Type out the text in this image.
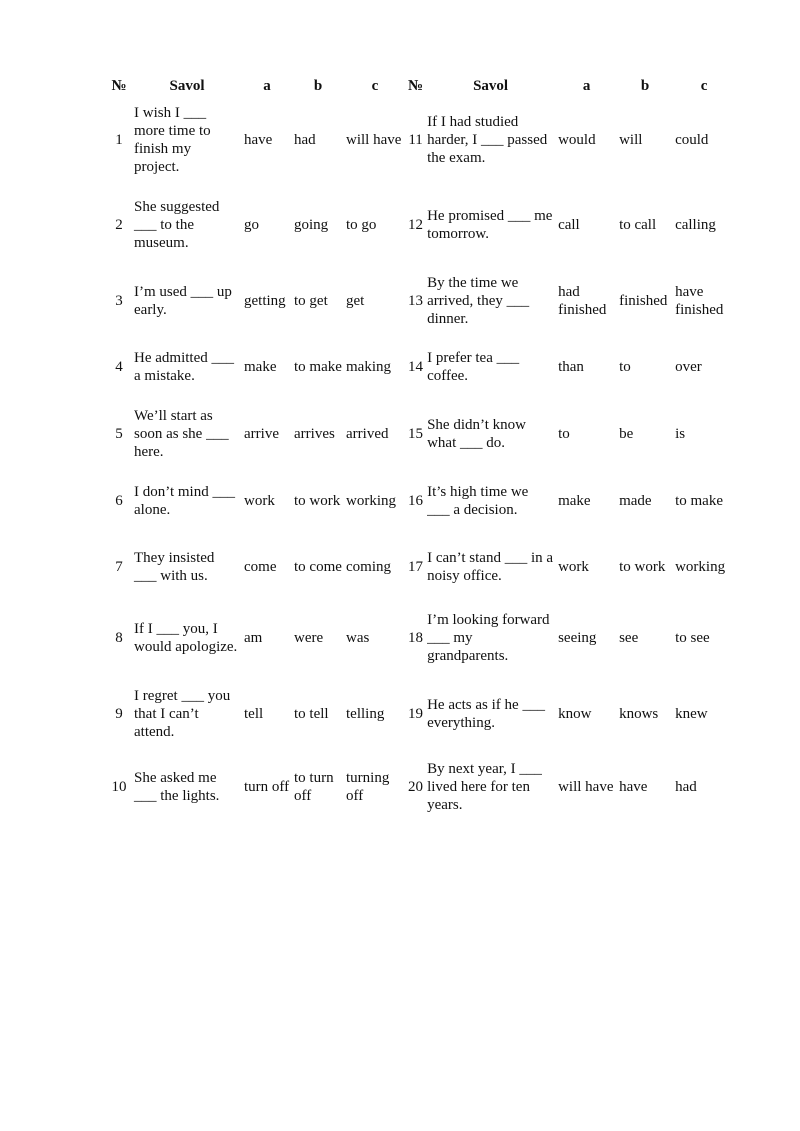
№	Savol	a	b	c	№	Savol	a	b	c
1	I wish I ___ more time to finish my project.	have	had	will have	11	If I had studied harder, I ___ passed the exam.	would	will	could
2	She suggested ___ to the museum.	go	going	to go	12	He promised ___ me tomorrow.	call	to call	calling
3	I’m used ___ up early.	getting	to get	get	13	By the time we arrived, they ___ dinner.	had finished	finished	have finished
4	He admitted ___ a mistake.	make	to make	making	14	I prefer tea ___ coffee.	than	to	over
5	We’ll start as soon as she ___ here.	arrive	arrives	arrived	15	She didn’t know what ___ do.	to	be	is
6	I don’t mind ___ alone.	work	to work	working	16	It’s high time we ___ a decision.	make	made	to make
7	They insisted ___ with us.	come	to come	coming	17	I can’t stand ___ in a noisy office.	work	to work	working
8	If I ___ you, I would apologize.	am	were	was	18	I’m looking forward ___ my grandparents.	seeing	see	to see
9	I regret ___ you that I can’t attend.	tell	to tell	telling	19	He acts as if he ___ everything.	know	knows	knew
10	She asked me ___ the lights.	turn off	to turn off	turning off	20	By next year, I ___ lived here for ten years.	will have	have	had
